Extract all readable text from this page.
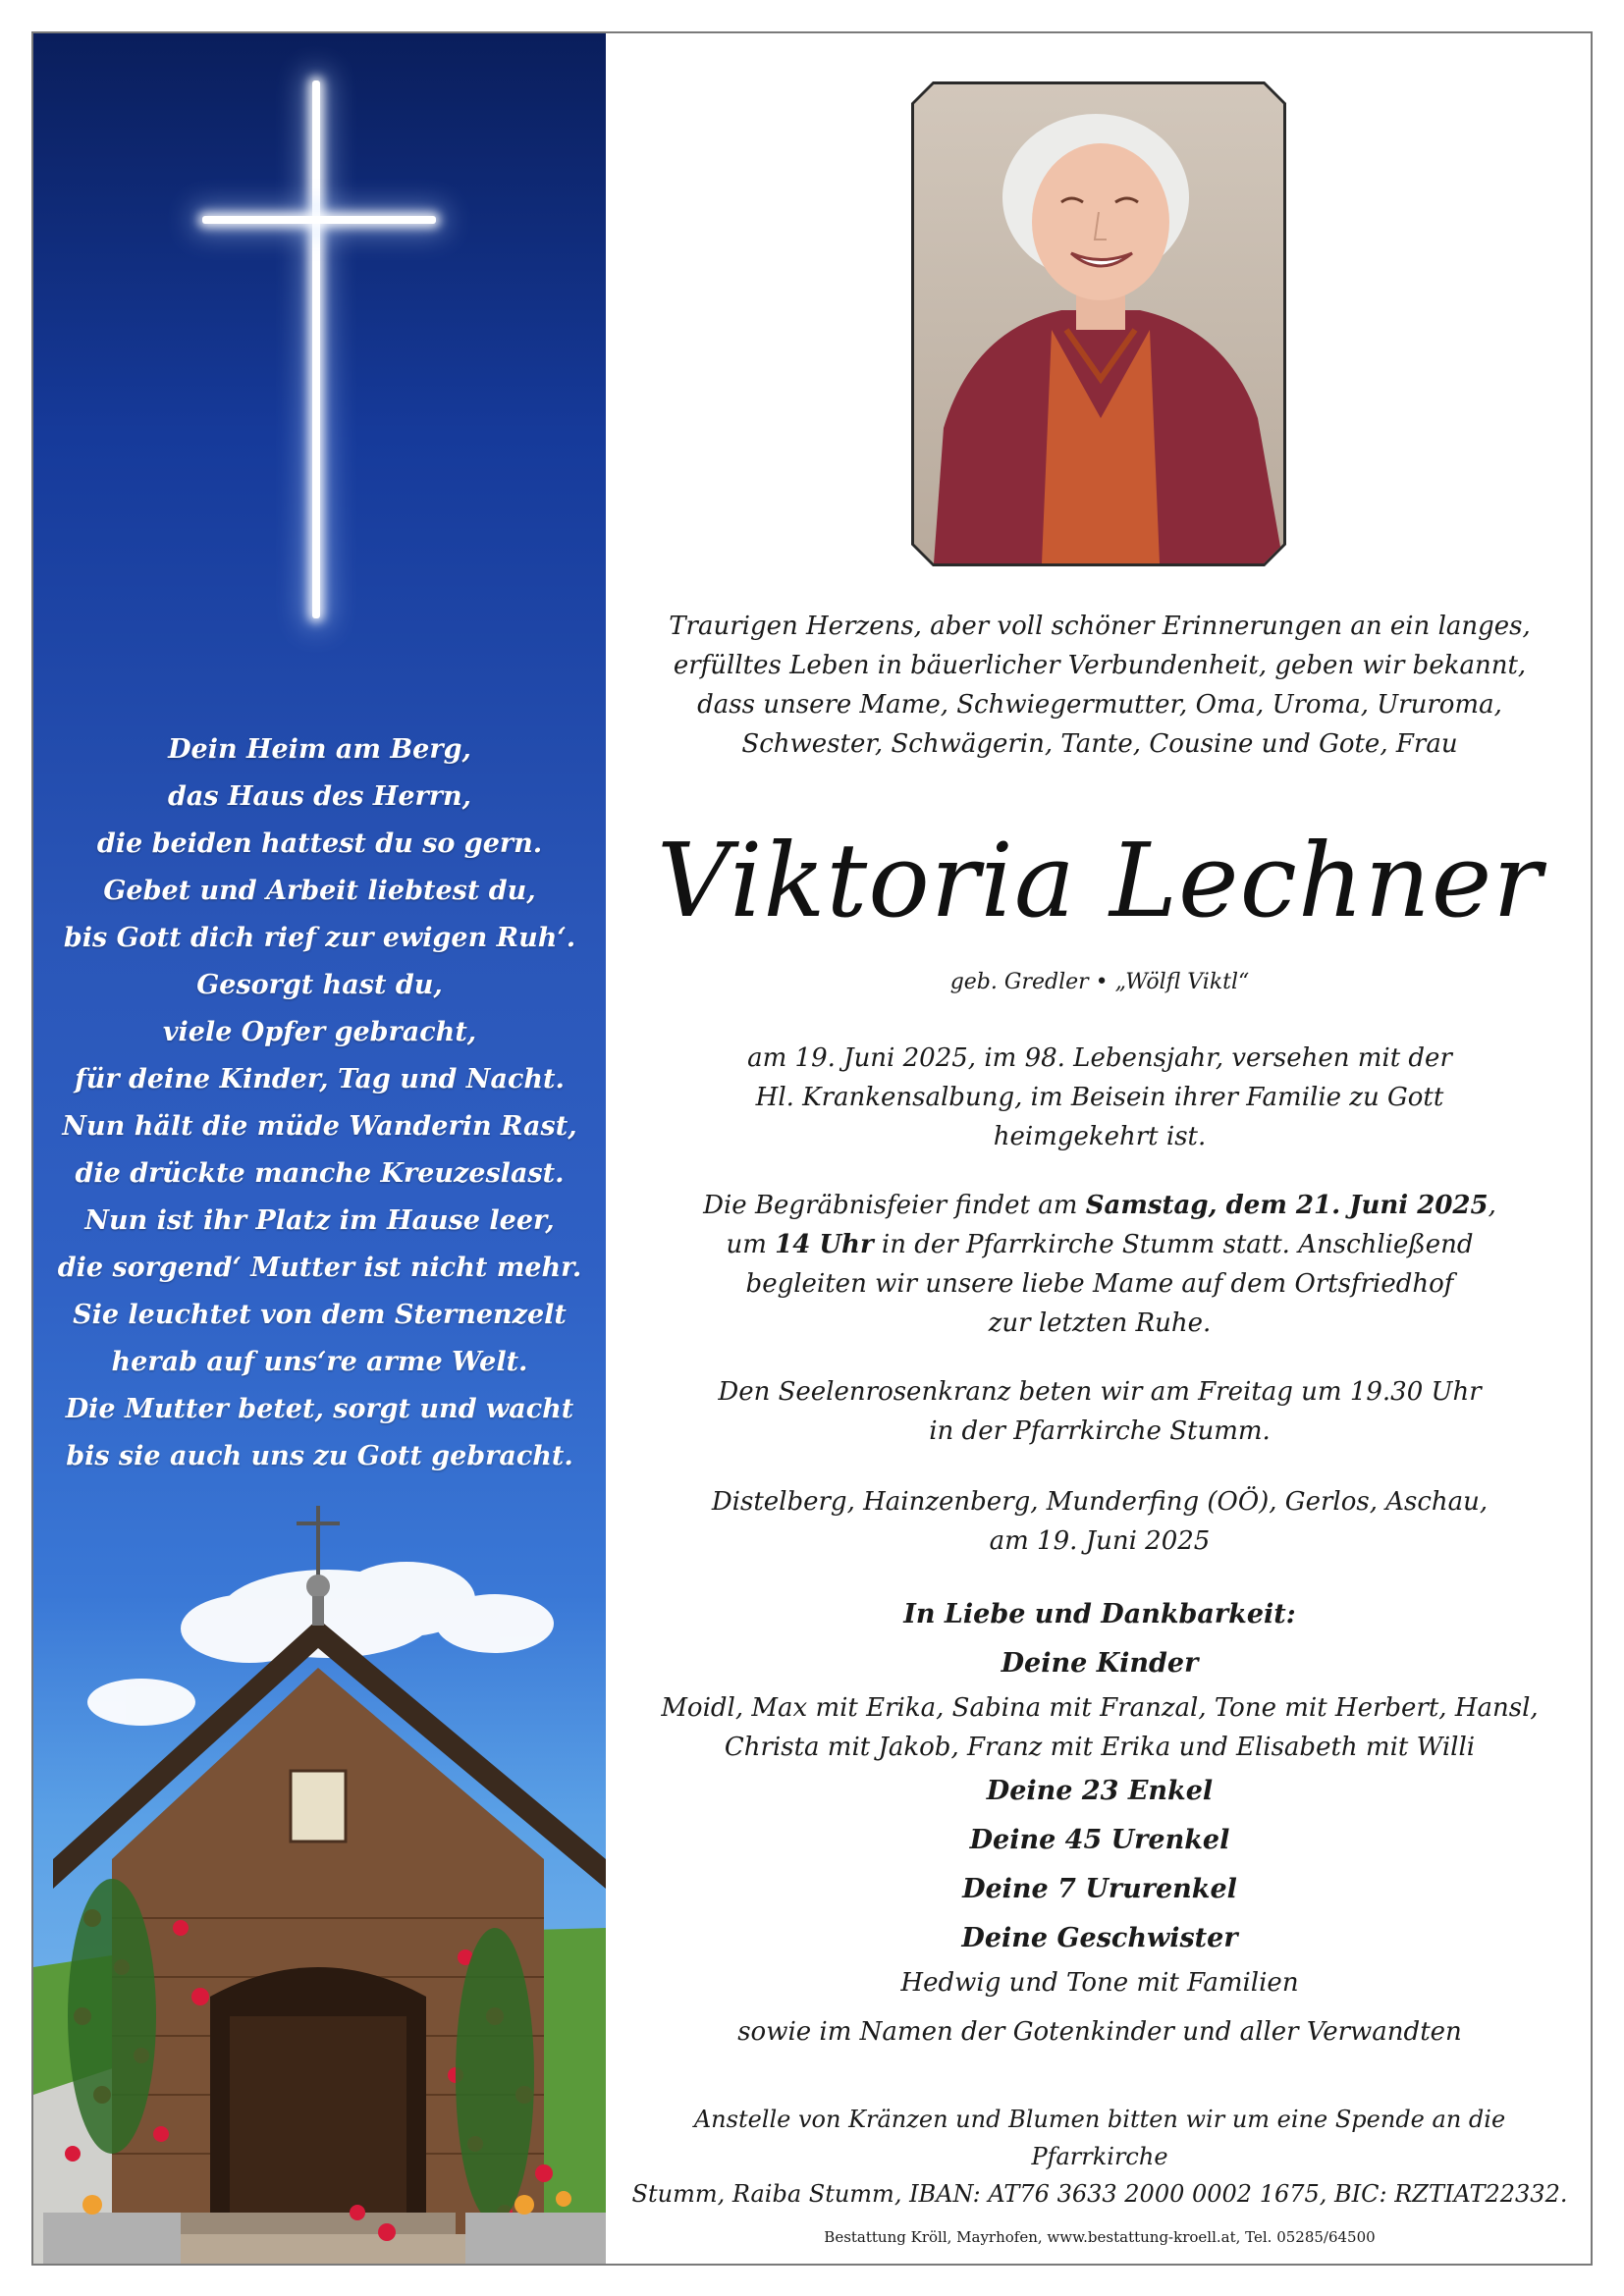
Dein Heim am Berg,
das Haus des Herrn,
die beiden hattest du so gern.
Gebet und Arbeit liebtest du,
bis Gott dich rief zur ewigen Ruh‘.
Gesorgt hast du,
viele Opfer gebracht,
für deine Kinder, Tag und Nacht.
Nun hält die müde Wanderin Rast,
die drückte manche Kreuzeslast.
Nun ist ihr Platz im Hause leer,
die sorgend‘ Mutter ist nicht mehr.
Sie leuchtet von dem Sternenzelt
herab auf uns‘re arme Welt.
Die Mutter betet, sorgt und wacht
bis sie auch uns zu Gott gebracht.
Traurigen Herzens, aber voll schöner Erinnerungen an ein langes,
erfülltes Leben in bäuerlicher Verbundenheit, geben wir bekannt,
dass unsere Mame, Schwiegermutter, Oma, Uroma, Ururoma,
Schwester, Schwägerin, Tante, Cousine und Gote, Frau
Viktoria Lechner
geb. Gredler • „Wölfl Viktl“
am 19. Juni 2025, im 98. Lebensjahr, versehen mit der
Hl. Krankensalbung, im Beisein ihrer Familie zu Gott
heimgekehrt ist.
Die Begräbnisfeier findet am Samstag, dem 21. Juni 2025,
um 14 Uhr in der Pfarrkirche Stumm statt. Anschließend
begleiten wir unsere liebe Mame auf dem Ortsfriedhof
zur letzten Ruhe.
Den Seelenrosenkranz beten wir am Freitag um 19.30 Uhr
in der Pfarrkirche Stumm.
Distelberg, Hainzenberg, Munderfing (OÖ), Gerlos, Aschau,
am 19. Juni 2025
In Liebe und Dankbarkeit:
Deine Kinder
Moidl, Max mit Erika, Sabina mit Franzal, Tone mit Herbert, Hansl,
Christa mit Jakob, Franz mit Erika und Elisabeth mit Willi
Deine 23 Enkel
Deine 45 Urenkel
Deine 7 Ururenkel
Deine Geschwister
Hedwig und Tone mit Familien
sowie im Namen der Gotenkinder und aller Verwandten
Anstelle von Kränzen und Blumen bitten wir um eine Spende an die Pfarrkirche
Stumm, Raiba Stumm, IBAN: AT76 3633 2000 0002 1675, BIC: RZTIAT22332.
Bestattung Kröll, Mayrhofen, www.bestattung-kroell.at, Tel. 05285/64500
